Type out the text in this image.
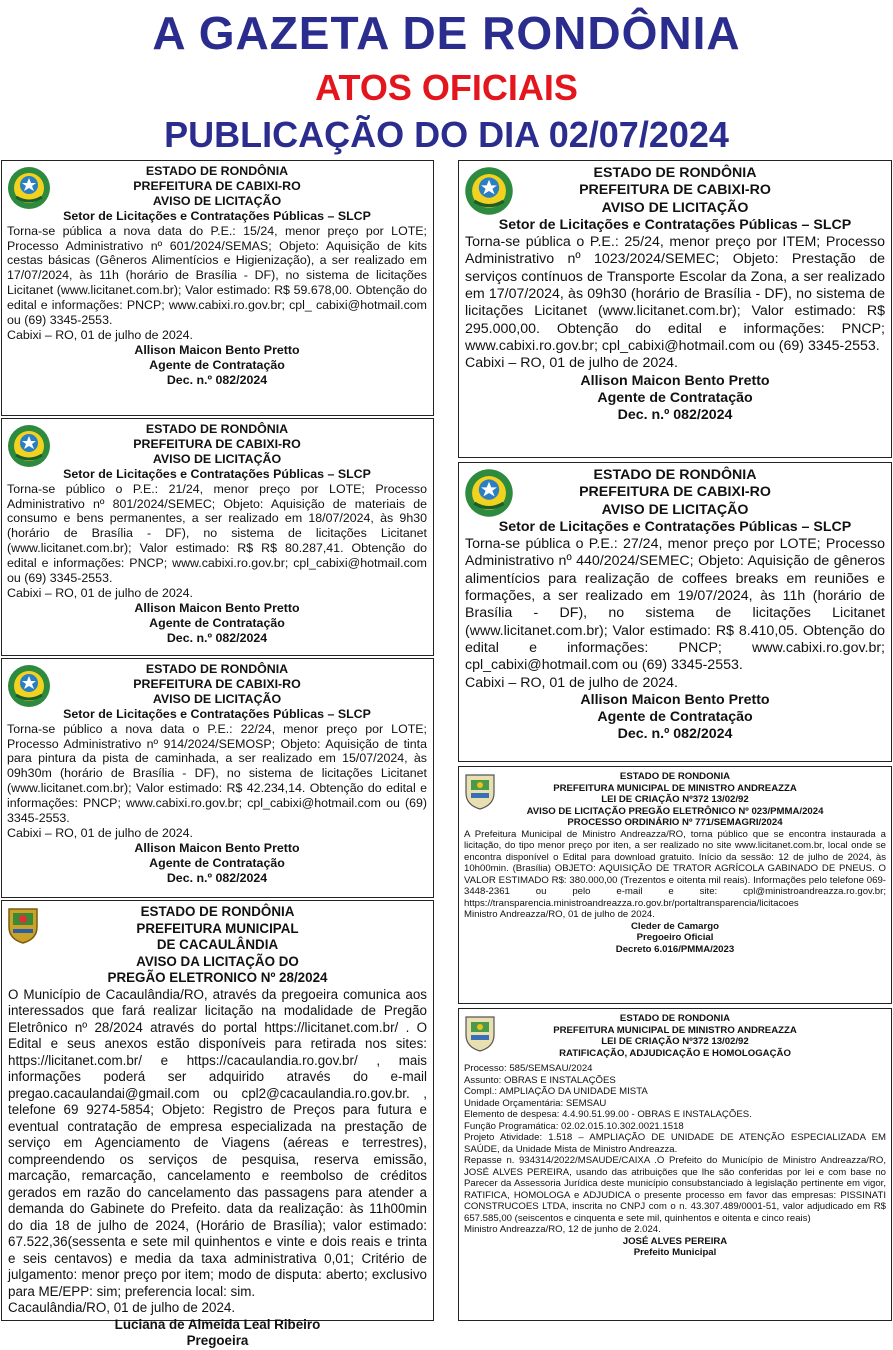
A GAZETA DE RONDÔNIA
ATOS OFICIAIS
PUBLICAÇÃO DO DIA 02/07/2024

ESTADO DE RONDÔNIA

PREFEITURA DE CABIXI-RO

AVISO DE LICITAÇÃO

Setor de Licitações e Contratações Públicas – SLCP

Torna-se pública a nova data do P.E.: 15/24, menor preço por LOTE; Processo Administrativo nº 601/2024/SEMAS; Objeto: Aquisição de kits cestas básicas (Gêneros Alimentícios e Higienização), a ser realizado em 17/07/2024, às 11h (horário de Brasília - DF), no sistema de licitações Licitanet (www.licitanet.com.br); Valor estimado: R$ 59.678,00. Obtenção do edital e informações: PNCP; www.cabixi.ro.gov.br; cpl_ cabixi@hotmail.com ou (69) 3345-2553.

Cabixi – RO, 01 de julho de 2024.

Allison Maicon Bento Pretto

Agente de Contratação

Dec. n.º 082/2024

ESTADO DE RONDÔNIA

PREFEITURA DE CABIXI-RO

AVISO DE LICITAÇÃO

Setor de Licitações e Contratações Públicas – SLCP

Torna-se público o P.E.: 21/24, menor preço por LOTE; Processo Administrativo nº 801/2024/SEMEC; Objeto: Aquisição de materiais de consumo e bens permanentes, a ser realizado em 18/07/2024, às 9h30 (horário de Brasília - DF), no sistema de licitações Licitanet (www.licitanet.com.br); Valor estimado: R$ R$ 80.287,41. Obtenção do edital e informações: PNCP; www.cabixi.ro.gov.br; cpl_cabixi@hotmail.com ou (69) 3345-2553.

Cabixi – RO, 01 de julho de 2024.

Allison Maicon Bento Pretto

Agente de Contratação

Dec. n.º 082/2024

ESTADO DE RONDÔNIA

PREFEITURA DE CABIXI-RO

AVISO DE LICITAÇÃO

Setor de Licitações e Contratações Públicas – SLCP

Torna-se público a nova data o P.E.: 22/24, menor preço por LOTE; Processo Administrativo nº 914/2024/SEMOSP; Objeto: Aquisição de tinta para pintura da pista de caminhada, a ser realizado em 15/07/2024, às 09h30m (horário de Brasília - DF), no sistema de licitações Licitanet (www.licitanet.com.br); Valor estimado: R$ 42.234,14. Obtenção do edital e informações: PNCP; www.cabixi.ro.gov.br; cpl_cabixi@hotmail.com ou (69) 3345-2553.

Cabixi – RO, 01 de julho de 2024.

Allison Maicon Bento Pretto

Agente de Contratação

Dec. n.º 082/2024

ESTADO DE RONDÔNIA

PREFEITURA MUNICIPAL

DE CACAULÂNDIA

AVISO DA LICITAÇÃO DO

PREGÃO ELETRONICO Nº 28/2024

O Município de Cacaulândia/RO, através da pregoeira comunica aos interessados que fará realizar licitação na modalidade de Pregão Eletrônico nº 28/2024 através do portal https://licitanet.com.br/ . O Edital e seus anexos estão disponíveis para retirada nos sites: https://licitanet.com.br/ e https://cacaulandia.ro.gov.br/ , mais informações poderá ser adquirido através do e-mail pregao.cacaulandai@gmail.com ou cpl2@cacaulandia.ro.gov.br. , telefone 69 9274-5854; Objeto: Registro de Preços para futura e eventual contratação de empresa especializada na prestação de serviço em Agenciamento de Viagens (aéreas e terrestres), compreendendo os serviços de pesquisa, reserva emissão, marcação, remarcação, cancelamento e reembolso de créditos gerados em razão do cancelamento das passagens para atender a demanda do Gabinete do Prefeito. data da realização: às 11h00min do dia 18 de julho de 2024, (Horário de Brasília); valor estimado: 67.522,36(sessenta e sete mil quinhentos e vinte e dois reais e trinta e seis centavos) e media da taxa administrativa 0,01; Critério de julgamento: menor preço por item; modo de disputa: aberto; exclusivo para ME/EPP: sim; preferencia local: sim.

Cacaulândia/RO, 01 de julho de 2024.

Luciana de Almeida Leal Ribeiro

Pregoeira

ESTADO DE RONDÔNIA

PREFEITURA DE CABIXI-RO

AVISO DE LICITAÇÃO

Setor de Licitações e Contratações Públicas – SLCP

Torna-se pública o P.E.: 25/24, menor preço por ITEM; Processo Administrativo nº 1023/2024/SEMEC; Objeto: Prestação de serviços contínuos de Transporte Escolar da Zona, a ser realizado em 17/07/2024, às 09h30 (horário de Brasília - DF), no sistema de licitações Licitanet (www.licitanet.com.br); Valor estimado: R$ 295.000,00. Obtenção do edital e informações: PNCP; www.cabixi.ro.gov.br; cpl_cabixi@hotmail.com ou (69) 3345-2553.

Cabixi – RO, 01 de julho de 2024.

Allison Maicon Bento Pretto

Agente de Contratação

Dec. n.º 082/2024

ESTADO DE RONDÔNIA

PREFEITURA DE CABIXI-RO

AVISO DE LICITAÇÃO

Setor de Licitações e Contratações Públicas – SLCP

Torna-se pública o P.E.: 27/24, menor preço por LOTE; Processo Administrativo nº 440/2024/SEMEC; Objeto: Aquisição de gêneros alimentícios para realização de coffees breaks em reuniões e formações, a ser realizado em 19/07/2024, às 11h (horário de Brasília - DF), no sistema de licitações Licitanet (www.licitanet.com.br); Valor estimado: R$ 8.410,05. Obtenção do edital e informações: PNCP; www.cabixi.ro.gov.br; cpl_cabixi@hotmail.com ou (69) 3345-2553.

Cabixi – RO, 01 de julho de 2024.

Allison Maicon Bento Pretto

Agente de Contratação

Dec. n.º 082/2024

ESTADO DE RONDONIA

PREFEITURA MUNICIPAL DE MINISTRO ANDREAZZA

LEI DE CRIAÇÃO Nº372 13/02/92

AVISO DE LICITAÇÃO PREGÃO ELETRÔNICO Nº 023/PMMA/2024

PROCESSO ORDINÁRIO Nº 771/SEMAGRI/2024

A Prefeitura Municipal de Ministro Andreazza/RO, torna público que se encontra instaurada a licitação, do tipo menor preço por iten, a ser realizado no site www.licitanet.com.br, local onde se encontra disponível o Edital para download gratuito. Início da sessão: 12 de julho de 2024, às 10h00min. (Brasília) OBJETO: AQUISIÇÃO DE TRATOR AGRÍCOLA GABINADO DE PNEUS. O VALOR ESTIMADO R$: 380.000,00 (Trezentos e oitenta mil reais). Informações pelo telefone 069-3448-2361 ou pelo e-mail e site: cpl@ministroandreazza.ro.gov.br; https://transparencia.ministroandreazza.ro.gov.br/portaltransparencia/licitacoes

Ministro Andreazza/RO, 01 de julho de 2024.

Cleder de Camargo

Pregoeiro Oficial

Decreto 6.016/PMMA/2023

ESTADO DE RONDONIA

PREFEITURA MUNICIPAL DE MINISTRO ANDREAZZA

LEI DE CRIAÇÃO Nº372 13/02/92

RATIFICAÇÃO, ADJUDICAÇÃO E HOMOLOGAÇÃO

Processo: 585/SEMSAU/2024

Assunto: OBRAS E INSTALAÇÕES

Compl.: AMPLIAÇÃO DA UNIDADE MISTA

Unidade Orçamentária: SEMSAU

Elemento de despesa: 4.4.90.51.99.00 - OBRAS E INSTALAÇÕES.

Função Programática: 02.02.015.10.302.0021.1518

Projeto Atividade: 1.518 – AMPLIAÇÃO DE UNIDADE DE ATENÇÃO ESPECIALIZADA EM SAÚDE, da Unidade Mista de Ministro Andreazza.

Repasse n. 934314/2022/MSAUDE/CAIXA .O Prefeito do Município de Ministro Andreazza/RO, JOSÉ ALVES PEREIRA, usando das atribuições que lhe são conferidas por lei e com base no Parecer da Assessoria Jurídica deste município consubstanciado à legislação pertinente em vigor, RATIFICA, HOMOLOGA e ADJUDICA o presente processo em favor das empresas: PISSINATI CONSTRUCOES LTDA, inscrita no CNPJ com o n. 43.307.489/0001-51, valor adjudicado em R$ 657.585,00 (seiscentos e cinquenta e sete mil, quinhentos e oitenta e cinco reais)

Ministro Andreazza/RO, 12 de junho de 2.024.

JOSÉ ALVES PEREIRA

Prefeito Municipal
